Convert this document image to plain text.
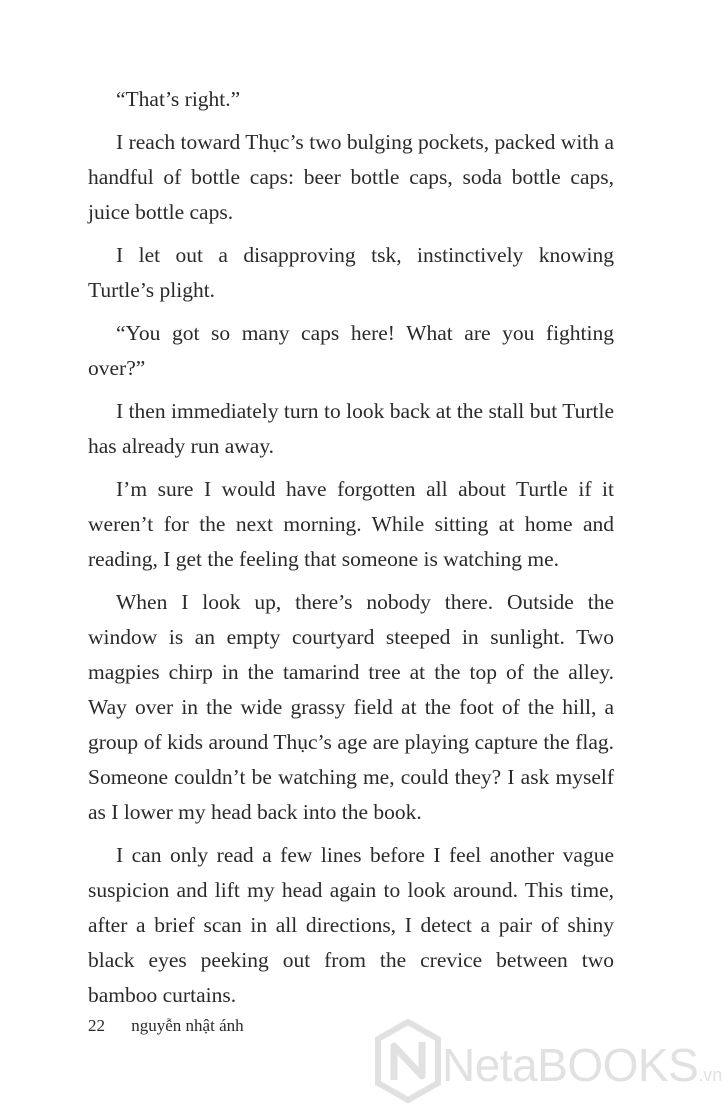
“That’s right.”

I reach toward Thục’s two bulging pockets, packed with a handful of bottle caps: beer bottle caps, soda bottle caps, juice bottle caps.

I let out a disapproving tsk, instinctively knowing Turtle’s plight.

“You got so many caps here! What are you fighting over?”

I then immediately turn to look back at the stall but Turtle has already run away.

I’m sure I would have forgotten all about Turtle if it weren’t for the next morning. While sitting at home and reading, I get the feeling that someone is watching me.

When I look up, there’s nobody there. Outside the window is an empty courtyard steeped in sunlight. Two magpies chirp in the tamarind tree at the top of the alley. Way over in the wide grassy field at the foot of the hill, a group of kids around Thục’s age are playing capture the flag. Someone couldn’t be watching me, could they? I ask myself as I lower my head back into the book.

I can only read a few lines before I feel another vague suspicion and lift my head again to look around. This time, after a brief scan in all directions, I detect a pair of shiny black eyes peeking out from the crevice between two bamboo curtains.

22 nguyễn nhật ánh
NetaBOOKS.vn
